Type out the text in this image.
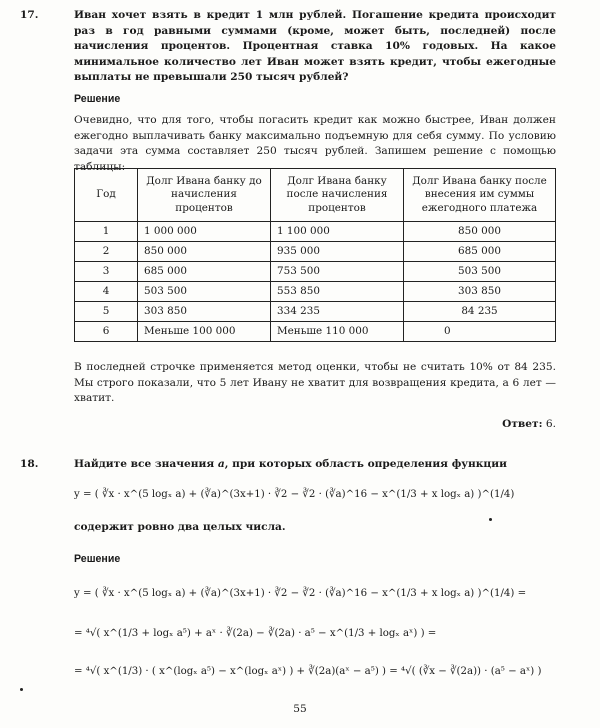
17.	Иван хочет взять в кредит 1 млн рублей. Погашение кредита происходит раз в год равными суммами (кроме, может быть, последней) после начисления процентов. Процентная ставка 10% годовых. На какое минимальное количество лет Иван может взять кредит, чтобы ежегодные выплаты не превышали 250 тысяч рублей?

Решение
Очевидно, что для того, чтобы погасить кредит как можно быстрее, Иван должен ежегодно выплачивать банку максимально подъемную для себя сумму. По условию задачи эта сумма составляет 250 тысяч рублей. Запишем решение с помощью таблицы:
Год	Долг Ивана банку до начисления процентов	Долг Ивана банку после начисления процентов	Долг Ивана банку после внесения им суммы ежегодного платежа
1	1 000 000	1 100 000	850 000
2	850 000	935 000	685 000
3	685 000	753 500	503 500
4	503 500	553 850	303 850
5	303 850	334 235	84 235
6	Меньше 100 000	Меньше 110 000	0
В последней строчке применяется метод оценки, чтобы не считать 10% от 84 235. Мы строго показали, что 5 лет Ивану не хватит для возвращения кредита, а 6 лет — хватит.
Ответ: 6.
18.	Найдите все значения a, при которых область определения функции
y = ( ∛x · x^(5 logₓ a) + (∛a)^(3x+1) · ∛2 − ∛2 · (∛a)^16 − x^(1/3 + x logₓ a) )^(1/4)
содержит ровно два целых числа.
Решение
y = ( ∛x · x^(5 logₓ a) + (∛a)^(3x+1) · ∛2 − ∛2 · (∛a)^16 − x^(1/3 + x logₓ a) )^(1/4) =
= ⁴√( x^(1/3 + logₓ a⁵) + aˣ · ∛(2a) − ∛(2a) · a⁵ − x^(1/3 + logₓ aˣ) ) =
= ⁴√( x^(1/3) · ( x^(logₓ a⁵) − x^(logₓ aˣ) ) + ∛(2a)(aˣ − a⁵) ) = ⁴√( (∛x − ∛(2a)) · (a⁵ − aˣ) )
55
